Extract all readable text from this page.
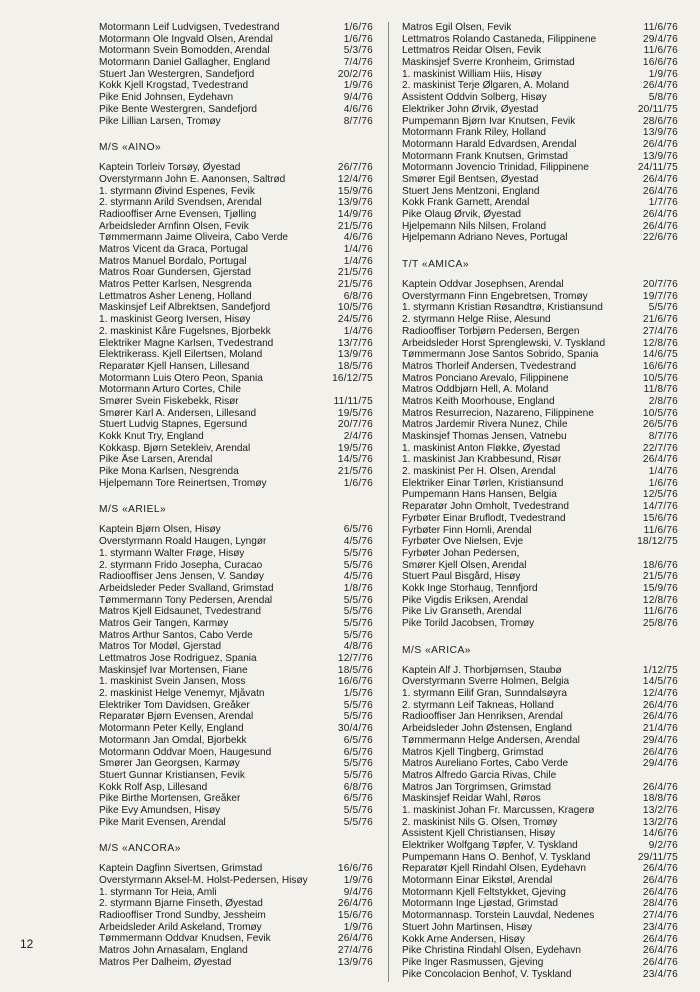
Motormann Leif Ludvigsen, Tvedestrand	1/6/76
Motormann Ole Ingvald Olsen, Arendal	1/6/76
Motormann Svein Bomodden, Arendal	5/3/76
Motormann Daniel Gallagher, England	7/4/76
Stuert Jan Westergren, Sandefjord	20/2/76
Kokk Kjell Krogstad, Tvedestrand	1/9/76
Pike Enid Johnsen, Eydehavn	9/4/76
Pike Bente Westergren, Sandefjord	4/6/76
Pike Lillian Larsen, Tromøy	8/7/76
M/S «AINO»
Kaptein Torleiv Torsøy, Øyestad	26/7/76
Overstyrmann John E. Aanonsen, Saltrød	12/4/76
1. styrmann Øivind Espenes, Fevik	15/9/76
2. styrmann Arild Svendsen, Arendal	13/9/76
Radiooffiser Arne Evensen, Tjølling	14/9/76
Arbeidsleder Arnfinn Olsen, Fevik	21/5/76
Tømmermann Jaime Oliveira, Cabo Verde	4/6/76
Matros Vicent da Graca, Portugal	1/4/76
Matros Manuel Bordalo, Portugal	1/4/76
Matros Roar Gundersen, Gjerstad	21/5/76
Matros Petter Karlsen, Nesgrenda	21/5/76
Lettmatros Asher Leneng, Holland	6/8/76
Maskinsjef Leif Albrektsen, Sandefjord	10/5/76
1. maskinist Georg Iversen, Hisøy	24/5/76
2. maskinist Kåre Fugelsnes, Bjorbekk	1/4/76
Elektriker Magne Karlsen, Tvedestrand	13/7/76
Elektrikerass. Kjell Eilertsen, Moland	13/9/76
Reparatør Kjell Hansen, Lillesand	18/5/76
Motormann Luis Otero Peon, Spania	16/12/75
Motormann Arturo Cortes, Chile
Smører Svein Fiskebekk, Risør	11/11/75
Smører Karl A. Andersen, Lillesand	19/5/76
Stuert Ludvig Stapnes, Egersund	20/7/76
Kokk Knut Try, England	2/4/76
Kokkasp. Bjørn Setekleiv, Arendal	19/5/76
Pike Åse Larsen, Arendal	14/5/76
Pike Mona Karlsen, Nesgrenda	21/5/76
Hjelpemann Tore Reinertsen, Tromøy	1/6/76
M/S «ARIEL»
Kaptein Bjørn Olsen, Hisøy	6/5/76
Overstyrmann Roald Haugen, Lyngør	4/5/76
1. styrmann Walter Frøge, Hisøy	5/5/76
2. styrmann Frido Josepha, Curacao	5/5/76
Radiooffiser Jens Jensen, V. Sandøy	4/5/76
Arbeidsleder Peder Svalland, Grimstad	1/8/76
Tømmermann Tony Pedersen, Arendal	5/5/76
Matros Kjell Eidsaunet, Tvedestrand	5/5/76
Matros Geir Tangen, Karmøy	5/5/76
Matros Arthur Santos, Cabo Verde	5/5/76
Matros Tor Modøl, Gjerstad	4/8/76
Lettmatros Jose Rodriguez, Spania	12/7/76
Maskinsjef Ivar Mortensen, Fiane	18/5/76
1. maskinist Svein Jansen, Moss	16/6/76
2. maskinist Helge Venemyr, Mjåvatn	1/5/76
Elektriker Tom Davidsen, Greåker	5/5/76
Reparatør Bjørn Evensen, Arendal	5/5/76
Motormann Peter Kelly, England	30/4/76
Motormann Jan Omdal, Bjorbekk	6/5/76
Motormann Oddvar Moen, Haugesund	6/5/76
Smører Jan Georgsen, Karmøy	5/5/76
Stuert Gunnar Kristiansen, Fevik	5/5/76
Kokk Rolf Asp, Lillesand	6/8/76
Pike Birthe Mortensen, Greåker	6/5/76
Pike Evy Amundsen, Hisøy	5/5/76
Pike Marit Evensen, Arendal	5/5/76
M/S «ANCORA»
Kaptein Dagfinn Sivertsen, Grimstad	16/6/76
Overstyrmann Aksel-M. Holst-Pedersen, Hisøy	1/9/76
1. styrmann Tor Heia, Amli	9/4/76
2. styrmann Bjarne Finseth, Øyestad	26/4/76
Radiooffiser Trond Sundby, Jessheim	15/6/76
Arbeidsleder Arild Askeland, Tromøy	1/9/76
Tømmermann Oddvar Knudsen, Fevik	26/4/76
Matros John Arnasalam, England	27/4/76
Matros Per Dalheim, Øyestad	13/9/76
Matros Egil Olsen, Fevik	11/6/76
Lettmatros Rolando Castaneda, Filippinene	29/4/76
Lettmatros Reidar Olsen, Fevik	11/6/76
Maskinsjef Sverre Kronheim, Grimstad	16/6/76
1. maskinist William Hiis, Hisøy	1/9/76
2. maskinist Terje Ølgaren, A. Moland	26/4/76
Assistent Oddvin Solberg, Hisøy	5/8/76
Elektriker John Ørvik, Øyestad	20/11/75
Pumpemann Bjørn Ivar Knutsen, Fevik	28/6/76
Motormann Frank Riley, Holland	13/9/76
Motormann Harald Edvardsen, Arendal	26/4/76
Motormann Frank Knutsen, Grimstad	13/9/76
Motormann Jovencio Trinidad, Filippinene	24/11/75
Smører Egil Bentsen, Øyestad	26/4/76
Stuert Jens Mentzoni, England	26/4/76
Kokk Frank Garnett, Arendal	1/7/76
Pike Olaug Ørvik, Øyestad	26/4/76
Hjelpemann Nils Nilsen, Froland	26/4/76
Hjelpemann Adriano Neves, Portugal	22/6/76
T/T «AMICA»
Kaptein Oddvar Josephsen, Arendal	20/7/76
Overstyrmann Finn Engebretsen, Tromøy	19/7/76
1. styrmann Kristian Røsandtrø, Kristiansund	5/5/76
2. styrmann Helge Riise, Alesund	21/6/76
Radiooffiser Torbjørn Pedersen, Bergen	27/4/76
Arbeidsleder Horst Sprenglewski, V. Tyskland	12/8/76
Tømmermann Jose Santos Sobrido, Spania	14/6/75
Matros Thorleif Andersen, Tvedestrand	16/6/76
Matros Ponciano Arevalo, Filippinene	10/5/76
Matros Oddbjørn Hell, A. Moland	11/8/76
Matros Keith Moorhouse, England	2/8/76
Matros Resurrecion, Nazareno, Filippinene	10/5/76
Matros Jardemir Rivera Nunez, Chile	26/5/76
Maskinsjef Thomas Jensen, Vatnebu	8/7/76
1. maskinist Anton Fløkke, Øyestad	22/7/76
1. maskinist Jan Krabbesund, Risør	26/4/76
2. maskinist Per H. Olsen, Arendal	1/4/76
Elektriker Einar Tørlen, Kristiansund	1/6/76
Pumpemann Hans Hansen, Belgia	12/5/76
Reparatør John Omholt, Tvedestrand	14/7/76
Fyrbøter Einar Bruflodt, Tvedestrand	15/6/76
Fyrbøter Finn Hornli, Arendal	11/6/76
Fyrbøter Ove Nielsen, Evje	18/12/75
Fyrbøter Johan Pedersen,
Smører Kjell Olsen, Arendal	18/6/76
Stuert Paul Bisgård, Hisøy	21/5/76
Kokk Inge Storhaug, Tennfjord	15/9/76
Pike Vigdis Eriksen, Arendal	12/8/76
Pike Liv Granseth, Arendal	11/6/76
Pike Torild Jacobsen, Tromøy	25/8/76
M/S «ARICA»
Kaptein Alf J. Thorbjørnsen, Staubø	1/12/75
Overstyrmann Sverre Holmen, Belgia	14/5/76
1. styrmann Eilif Gran, Sunndalsøyra	12/4/76
2. styrmann Leif Takneas, Holland	26/4/76
Radiooffiser Jan Henriksen, Arendal	26/4/76
Arbeidsleder John Østensen, England	21/4/76
Tømmermann Helge Andersen, Arendal	29/4/76
Matros Kjell Tingberg, Grimstad	26/4/76
Matros Aureliano Fortes, Cabo Verde	29/4/76
Matros Alfredo Garcia Rivas, Chile
Matros Jan Torgrimsen, Grimstad	26/4/76
Maskinsjef Reidar Wahl, Røros	18/8/76
1. maskinist Johan Fr. Marcussen, Kragerø	13/2/76
2. maskinist Nils G. Olsen, Tromøy	13/2/76
Assistent Kjell Christiansen, Hisøy	14/6/76
Elektriker Wolfgang Tøpfer, V. Tyskland	9/2/76
Pumpemann Hans O. Benhof, V. Tyskland	29/11/75
Reparatør Kjell Rindahl Olsen, Eydehavn	26/4/76
Motormann Einar Eikstøl, Arendal	26/4/76
Motormann Kjell Feltstykket, Gjeving	26/4/76
Motormann Inge Ljøstad, Grimstad	28/4/76
Motormannasp. Torstein Lauvdal, Nedenes	27/4/76
Stuert John Martinsen, Hisøy	23/4/76
Kokk Arne Andersen, Hisøy	26/4/76
Pike Christina Rindahl Olsen, Eydehavn	26/4/76
Pike Inger Rasmussen, Gjeving	26/4/76
Pike Concolacion Benhof, V. Tyskland	23/4/76
12
